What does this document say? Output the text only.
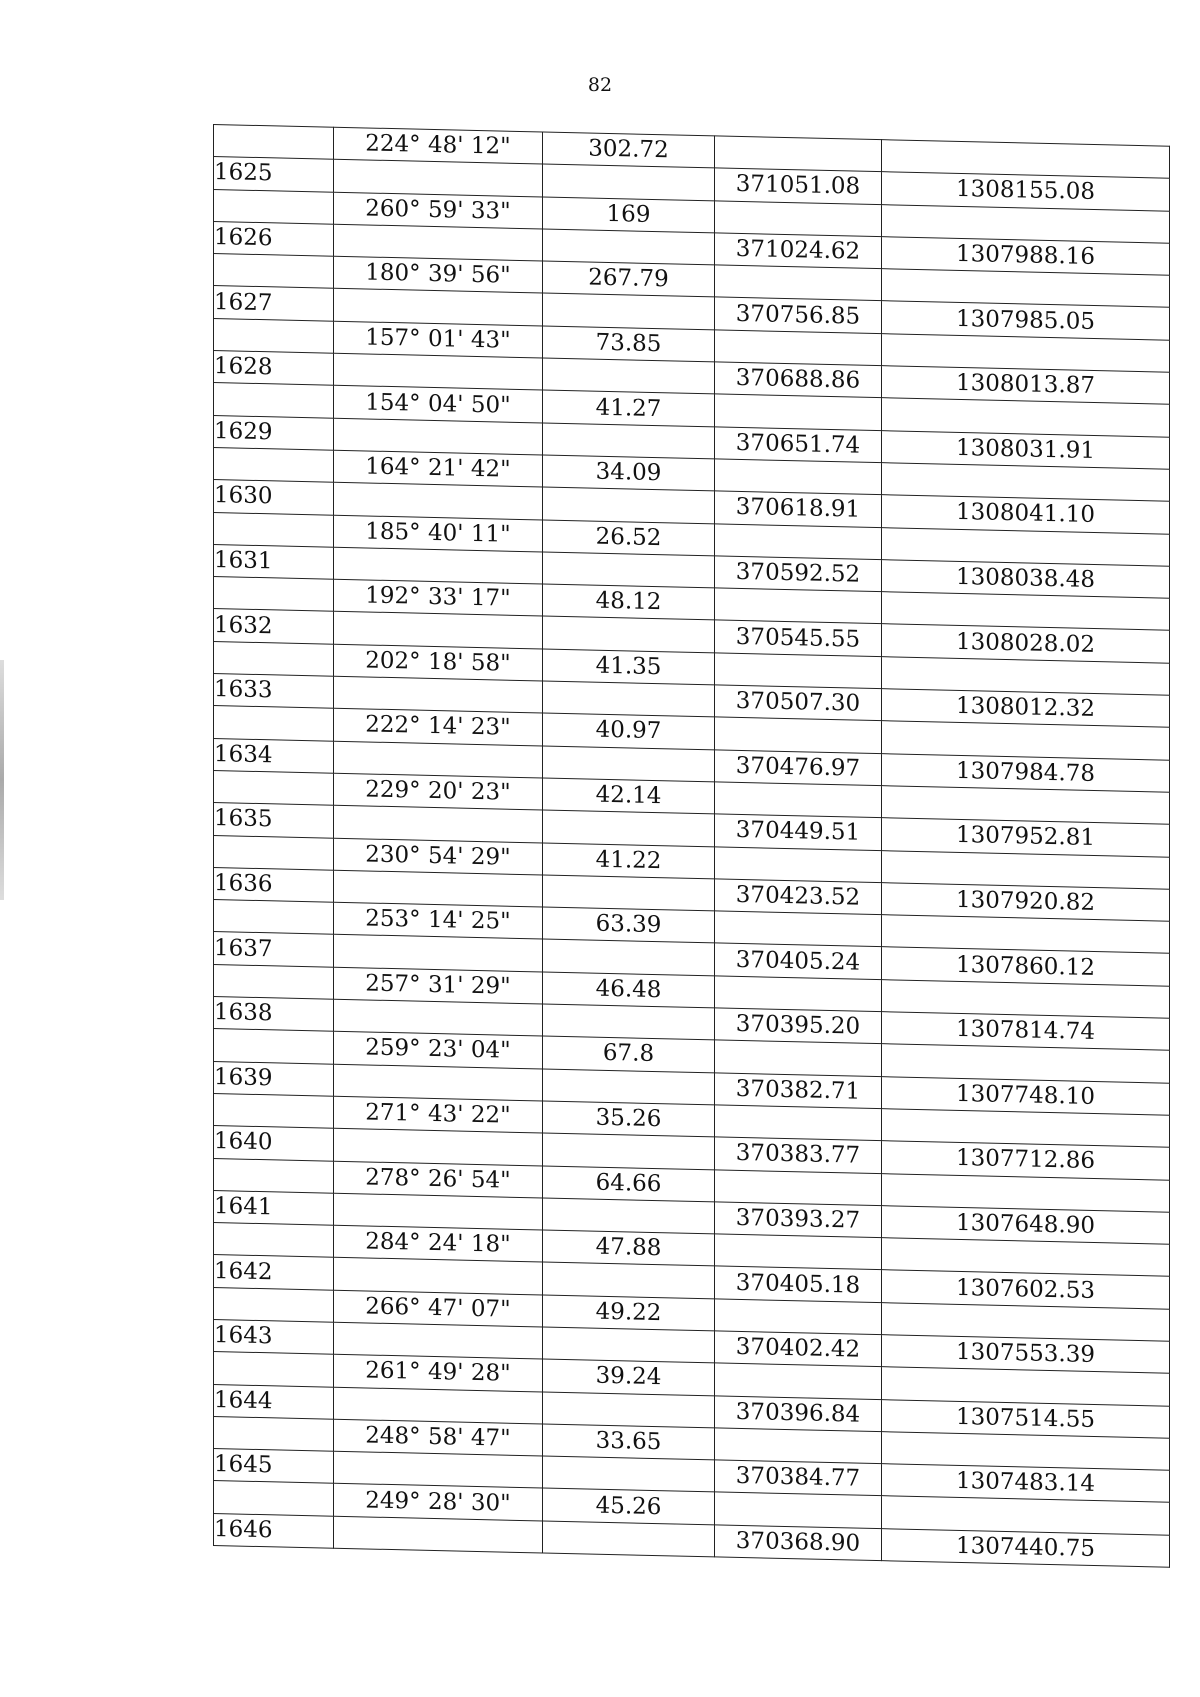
82
	224° 48' 12"	302.72		
1625			371051.08	1308155.08
	260° 59' 33"	169		
1626			371024.62	1307988.16
	180° 39' 56"	267.79		
1627			370756.85	1307985.05
	157° 01' 43"	73.85		
1628			370688.86	1308013.87
	154° 04' 50"	41.27		
1629			370651.74	1308031.91
	164° 21' 42"	34.09		
1630			370618.91	1308041.10
	185° 40' 11"	26.52		
1631			370592.52	1308038.48
	192° 33' 17"	48.12		
1632			370545.55	1308028.02
	202° 18' 58"	41.35		
1633			370507.30	1308012.32
	222° 14' 23"	40.97		
1634			370476.97	1307984.78
	229° 20' 23"	42.14		
1635			370449.51	1307952.81
	230° 54' 29"	41.22		
1636			370423.52	1307920.82
	253° 14' 25"	63.39		
1637			370405.24	1307860.12
	257° 31' 29"	46.48		
1638			370395.20	1307814.74
	259° 23' 04"	67.8		
1639			370382.71	1307748.10
	271° 43' 22"	35.26		
1640			370383.77	1307712.86
	278° 26' 54"	64.66		
1641			370393.27	1307648.90
	284° 24' 18"	47.88		
1642			370405.18	1307602.53
	266° 47' 07"	49.22		
1643			370402.42	1307553.39
	261° 49' 28"	39.24		
1644			370396.84	1307514.55
	248° 58' 47"	33.65		
1645			370384.77	1307483.14
	249° 28' 30"	45.26		
1646			370368.90	1307440.75
